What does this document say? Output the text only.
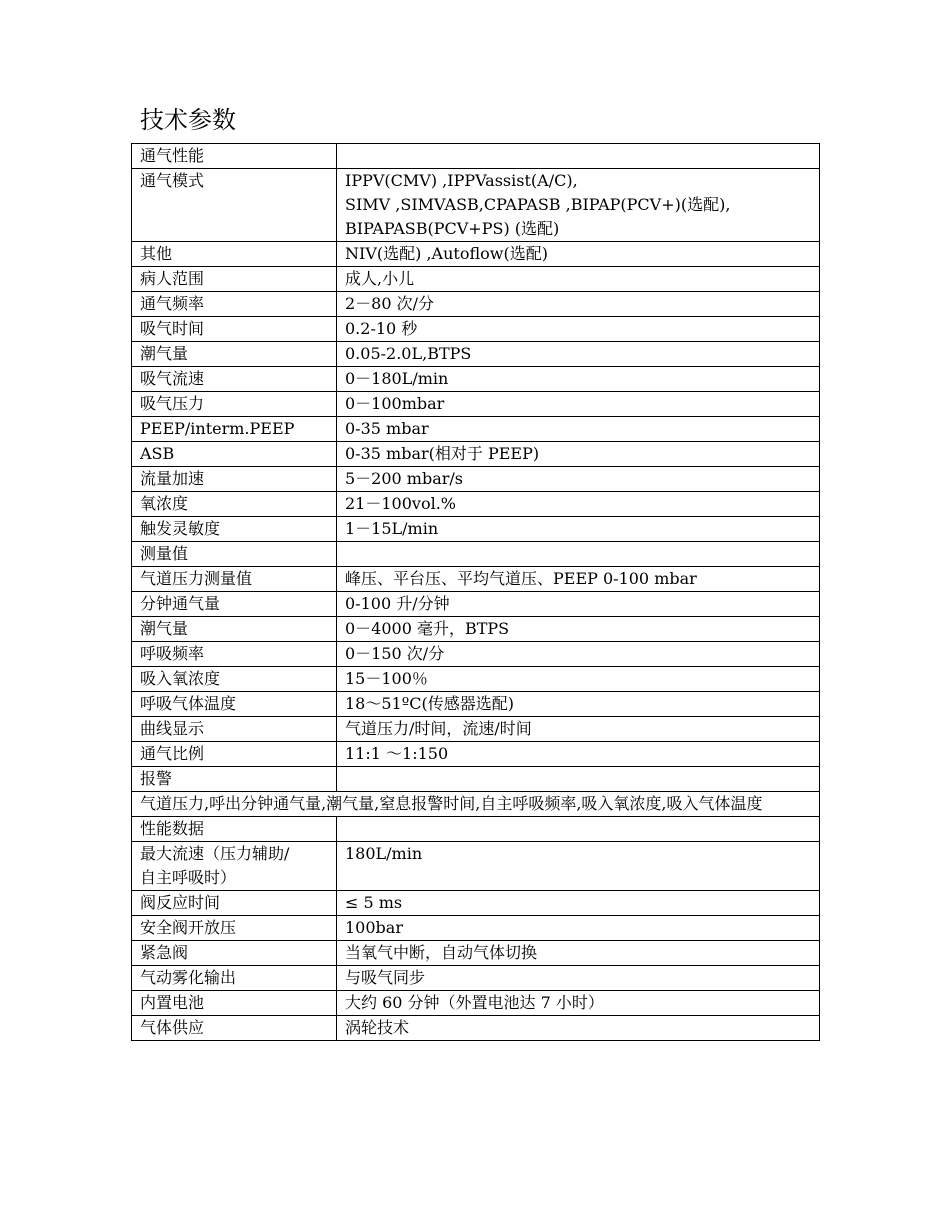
技术参数
通气性能	
通气模式	IPPV(CMV) ,IPPVassist(A/C),
SIMV ,SIMVASB,CPAPASB ,BIPAP(PCV+)(选配),
BIPAPASB(PCV+PS) (选配)
其他	NIV(选配) ,Autoflow(选配)
病人范围	成人,小儿
通气频率	2－80 次/分
吸气时间	0.2-10 秒
潮气量	0.05-2.0L,BTPS
吸气流速	0－180L/min
吸气压力	0－100mbar
PEEP/interm.PEEP	0-35 mbar
ASB	0-35 mbar(相对于 PEEP)
流量加速	5－200 mbar/s
氧浓度	21－100vol.%
触发灵敏度	1－15L/min
测量值	
气道压力测量值	峰压、平台压、平均气道压、PEEP 0-100 mbar
分钟通气量	0-100 升/分钟
潮气量	0－4000 毫升，BTPS
呼吸频率	0－150 次/分
吸入氧浓度	15－100％
呼吸气体温度	18～51ºC(传感器选配)
曲线显示	气道压力/时间，流速/时间
通气比例	11:1 ～1:150
报警	
气道压力,呼出分钟通气量,潮气量,窒息报警时间,自主呼吸频率,吸入氧浓度,吸入气体温度	
性能数据	
最大流速（压力辅助/
自主呼吸时）	180L/min
阀反应时间	≤ 5 ms
安全阀开放压	100bar
紧急阀	当氧气中断，自动气体切换
气动雾化输出	与吸气同步
内置电池	大约 60 分钟（外置电池达 7 小时）
气体供应	涡轮技术
